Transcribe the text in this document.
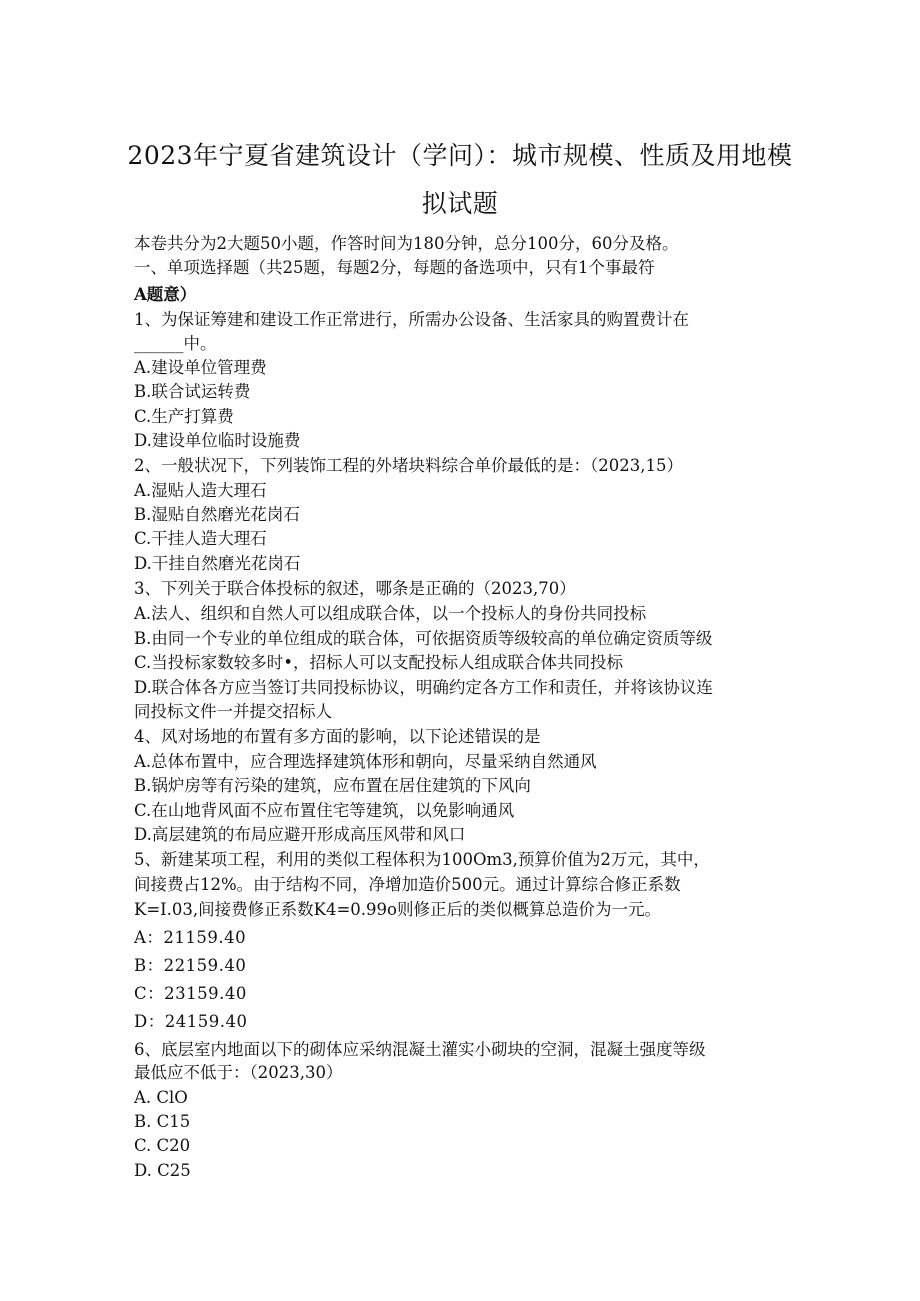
2023年宁夏省建筑设计（学问）：城市规模、性质及用地模
拟试题
本卷共分为2大题50小题，作答时间为180分钟，总分100分，60分及格。
一、单项选择题（共25题，每题2分，每题的备选项中，只有1个事最符
A题意）
1、为保证筹建和建设工作正常进行，所需办公设备、生活家具的购置费计在
______中。
A.建设单位管理费
B.联合试运转费
C.生产打算费
D.建设单位临时设施费
2、一般状况下，下列装饰工程的外堵块料综合单价最低的是：（2023,15）
A.湿贴人造大理石
B.湿贴自然磨光花岗石
C.干挂人造大理石
D.干挂自然磨光花岗石
3、下列关于联合体投标的叙述，哪条是正确的（2023,70）
A.法人、组织和自然人可以组成联合体，以一个投标人的身份共同投标
B.由同一个专业的单位组成的联合体，可依据资质等级较高的单位确定资质等级
C.当投标家数较多时•，招标人可以支配投标人组成联合体共同投标
D.联合体各方应当签订共同投标协议，明确约定各方工作和责任，并将该协议连
同投标文件一并提交招标人
4、风对场地的布置有多方面的影响，以下论述错误的是
A.总体布置中，应合理选择建筑体形和朝向，尽量采纳自然通风
B.锅炉房等有污染的建筑，应布置在居住建筑的下风向
C.在山地背风面不应布置住宅等建筑，以免影响通风
D.高层建筑的布局应避开形成高压风带和风口
5、新建某项工程，利用的类似工程体积为100Om3,预算价值为2万元，其中，
间接费占12%。由于结构不同，净增加造价500元。通过计算综合修正系数
K=I.03,间接费修正系数K4=0.99o则修正后的类似概算总造价为一元。
A：21159.40
B：22159.40
C：23159.40
D：24159.40
6、底层室内地面以下的砌体应采纳混凝土灌实小砌块的空洞，混凝土强度等级
最低应不低于：（2023,30）
A. ClO
B. C15
C. C20
D. C25
